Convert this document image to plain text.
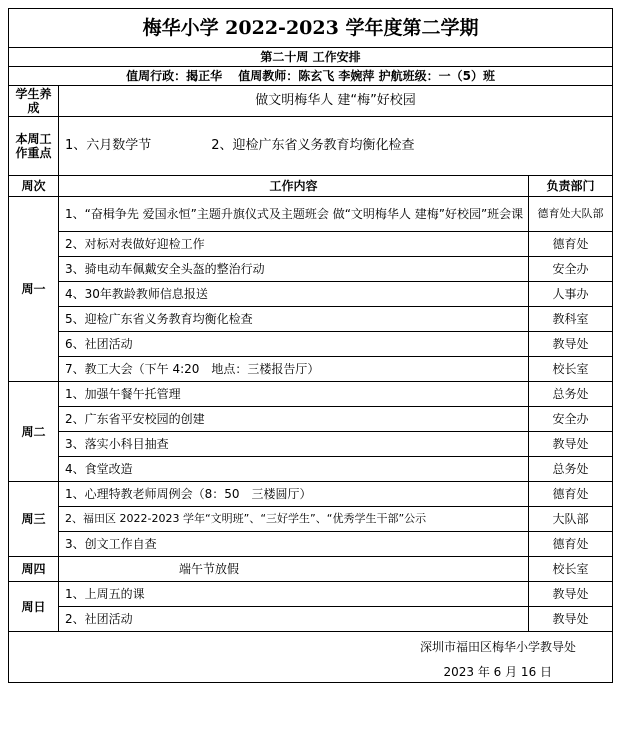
梅华小学 2022-2023 学年度第二学期		
第二十周 工作安排		
值周行政：揭正华　 值周教师：陈玄飞 李婉萍 护航班级：一（5）班		
学生养成	做文明梅华人 建“梅”好校园	
本周工作重点	1、六月数学节 2、迎检广东省义务教育均衡化检查	
周次	工作内容	负责部门
周一	1、“奋楫争先 爱国永恒”主题升旗仪式及主题班会 做“文明梅华人 建梅”好校园”班会课	德育处大队部
	2、对标对表做好迎检工作	德育处
	3、骑电动车佩戴安全头盔的整治行动	安全办
	4、30年教龄教师信息报送	人事办
	5、迎检广东省义务教育均衡化检查	教科室
	6、社团活动	教导处
	7、教工大会（下午 4:20　地点：三楼报告厅）	校长室
周二	1、加强午餐午托管理	总务处
	2、广东省平安校园的创建	安全办
	3、落实小科目抽查	教导处
	4、食堂改造	总务处
周三	1、心理特教老师周例会（8：50　三楼圆厅）	德育处
	2、福田区 2022-2023 学年“文明班”、“三好学生”、“优秀学生干部”公示	大队部
	3、创文工作自查	德育处
周四	端午节放假	校长室
周日	1、上周五的课	教导处
	2、社团活动	教导处
	深圳市福田区梅华小学教导处	
	2023 年 6 月 16 日	
